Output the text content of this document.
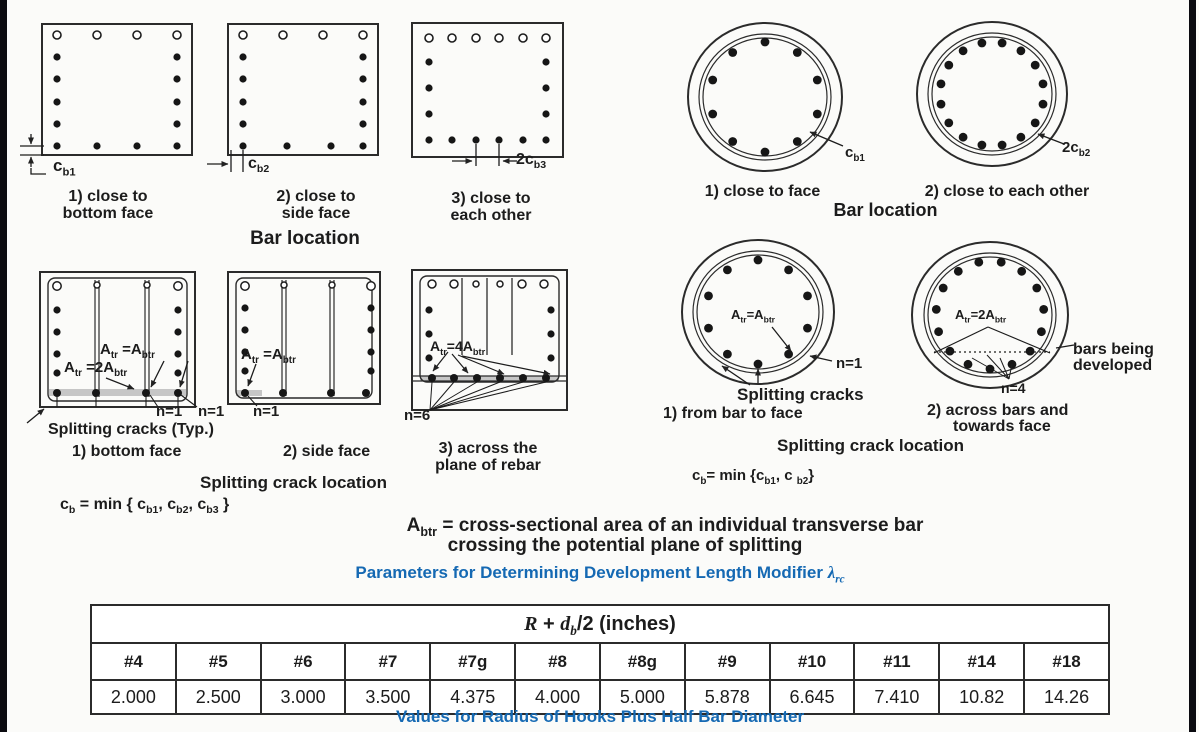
$c_{b1}$
1) close to
bottom face
$c_{b2}$
2) close to
side face
$2c_{b3}$
3) close to
each other
Bar location
$c_{b1}$
1) close to face
$2c_{b2}$
2) close to each other
Bar location
$A_{tr} =A_{btr}$
$A_{tr} =2A_{btr}$
n=1 n=1
Splitting cracks (Typ.)
1) bottom face
$A_{tr} =A_{btr}$
n=1
2) side face
$A_{tr}=4A_{btr}$
n=6
3) across the
plane of rebar
Splitting crack location
$c_b = \min$ { $c_{b1}$, $c_{b2}$, $c_{b3}$ }
$A_{tr}=A_{btr}$
n=1
Splitting cracks
1) from bar to face
$A_{tr}=2A_{btr}$
bars being
developed
n=4
2) across bars and
towards face
Splitting crack location
$c_b= \min \{c_{b1}$, c $_{b2}$}
$A_{btr}$ = cross-sectional area of an individual transverse bar
crossing the potential plane of splitting
Parameters for Determining Development Length Modifier $\lambda_{rc}$
$R + d_b/2$ (inches)											
#4	#5	#6	#7	#7g	#8	#8g	#9	#10	#11	#14	#18
2.000	2.500	3.000	3.500	4.375	4.000	5.000	5.878	6.645	7.410	10.82	14.26
Values for Radius of Hooks Plus Half Bar Diameter
